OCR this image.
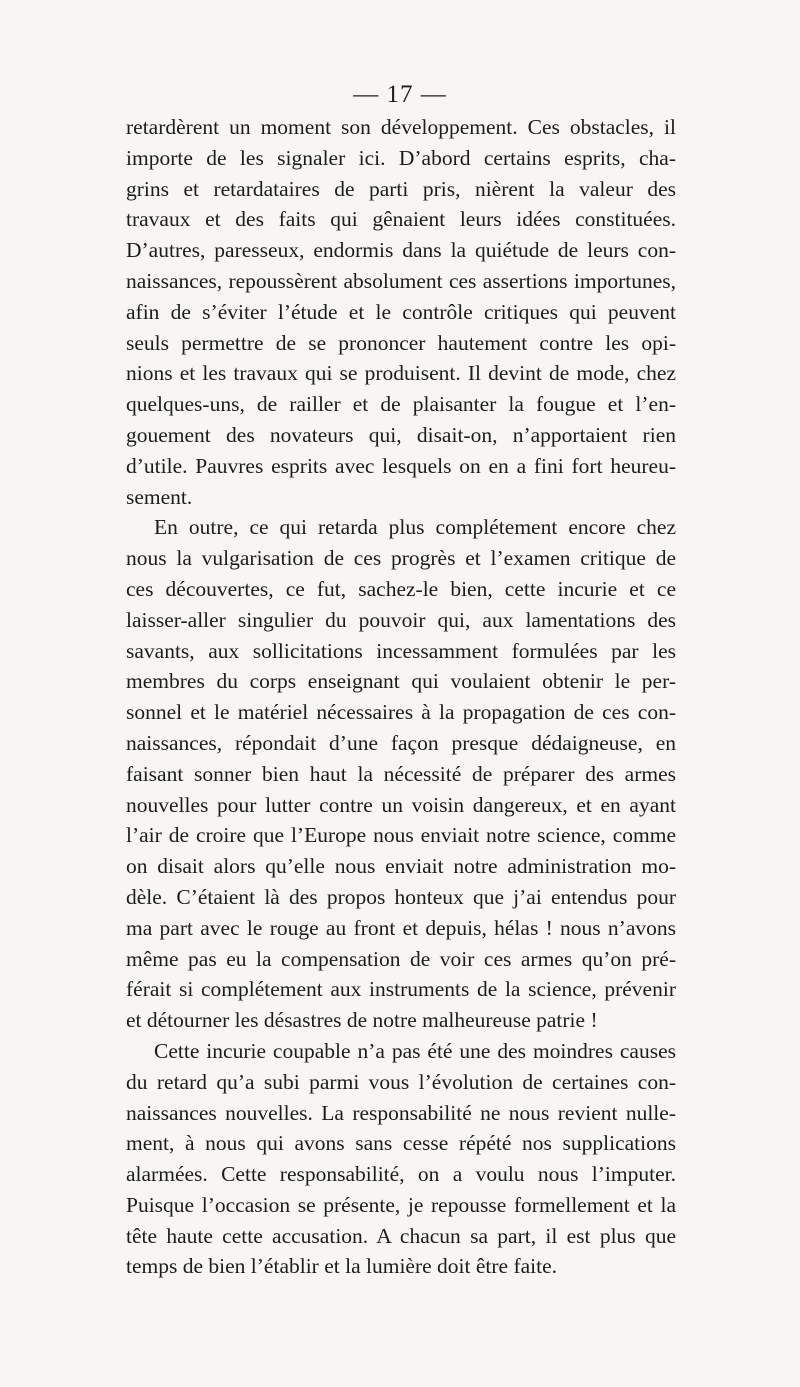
— 17 —
retardèrent un moment son développement. Ces obstacles, il
importe de les signaler ici. D’abord certains esprits, cha-
grins et retardataires de parti pris, nièrent la valeur des
travaux et des faits qui gênaient leurs idées constituées.
D’autres, paresseux, endormis dans la quiétude de leurs con-
naissances, repoussèrent absolument ces assertions importunes,
afin de s’éviter l’étude et le contrôle critiques qui peuvent
seuls permettre de se prononcer hautement contre les opi-
nions et les travaux qui se produisent. Il devint de mode, chez
quelques-uns, de railler et de plaisanter la fougue et l’en-
gouement des novateurs qui, disait-on, n’apportaient rien
d’utile. Pauvres esprits avec lesquels on en a fini fort heureu-
sement.
En outre, ce qui retarda plus complétement encore chez
nous la vulgarisation de ces progrès et l’examen critique de
ces découvertes, ce fut, sachez-le bien, cette incurie et ce
laisser-aller singulier du pouvoir qui, aux lamentations des
savants, aux sollicitations incessamment formulées par les
membres du corps enseignant qui voulaient obtenir le per-
sonnel et le matériel nécessaires à la propagation de ces con-
naissances, répondait d’une façon presque dédaigneuse, en
faisant sonner bien haut la nécessité de préparer des armes
nouvelles pour lutter contre un voisin dangereux, et en ayant
l’air de croire que l’Europe nous enviait notre science, comme
on disait alors qu’elle nous enviait notre administration mo-
dèle. C’étaient là des propos honteux que j’ai entendus pour
ma part avec le rouge au front et depuis, hélas ! nous n’avons
même pas eu la compensation de voir ces armes qu’on pré-
férait si complétement aux instruments de la science, prévenir
et détourner les désastres de notre malheureuse patrie !
Cette incurie coupable n’a pas été une des moindres causes
du retard qu’a subi parmi vous l’évolution de certaines con-
naissances nouvelles. La responsabilité ne nous revient nulle-
ment, à nous qui avons sans cesse répété nos supplications
alarmées. Cette responsabilité, on a voulu nous l’imputer.
Puisque l’occasion se présente, je repousse formellement et la
tête haute cette accusation. A chacun sa part, il est plus que
temps de bien l’établir et la lumière doit être faite.
